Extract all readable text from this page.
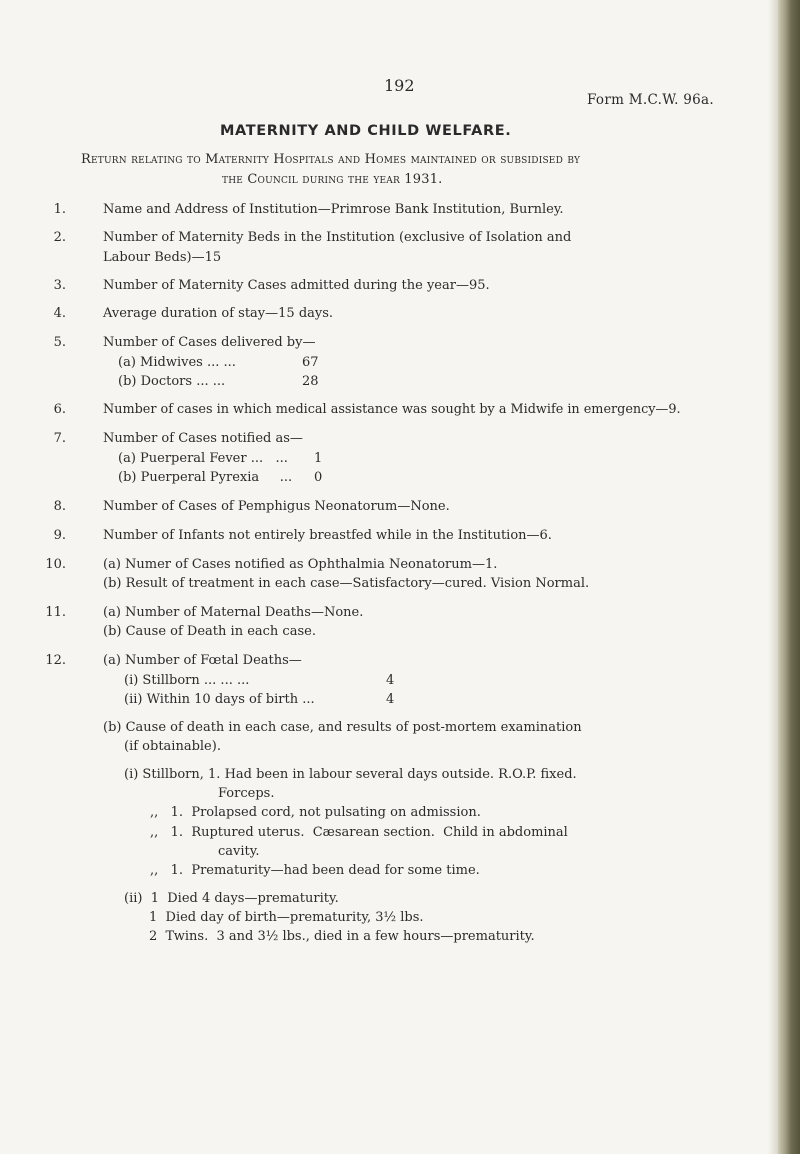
192
Form M.C.W. 96a.
MATERNITY AND CHILD WELFARE.
Return relating to Maternity Hospitals and Homes maintained or subsidised by
the Council during the year 1931.
1.	Name and Address of Institution—Primrose Bank Institution, Burnley.
2.	Number of Maternity Beds in the Institution (exclusive of Isolation and
Labour Beds)—15
3.	Number of Maternity Cases admitted during the year—95.
4.	Average duration of stay—15 days.
5.	Number of Cases delivered by—
(a) Midwives ... ...	67
(b) Doctors ... ...	28
6.	Number of cases in which medical assistance was sought by a Midwife in emergency—9.
7.	Number of Cases notified as—
(a) Puerperal Fever ...   ... 1
(b) Puerperal Pyrexia     ... 0
8.	Number of Cases of Pemphigus Neonatorum—None.
9.	Number of Infants not entirely breastfed while in the Institution—6.
10.	(a) Numer of Cases notified as Ophthalmia Neonatorum—1.
(b) Result of treatment in each case—Satisfactory—cured. Vision Normal.
11.	(a) Number of Maternal Deaths—None.
(b) Cause of Death in each case.
12.	(a) Number of Fœtal Deaths—
(i) Stillborn ... ... ...	4
(ii) Within 10 days of birth ...	4
(b) Cause of death in each case, and results of post-mortem examination
(if obtainable).
(i) Stillborn, 1. Had been in labour several days outside. R.O.P. fixed.
Forceps.
,,   1.  Prolapsed cord, not pulsating on admission.
,,   1.  Ruptured uterus.  Cæsarean section.  Child in abdominal
cavity.
,,   1.  Prematurity—had been dead for some time.
(ii)  1  Died 4 days—prematurity.
1  Died day of birth—prematurity, 3½ lbs.
2  Twins.  3 and 3½ lbs., died in a few hours—prematurity.
